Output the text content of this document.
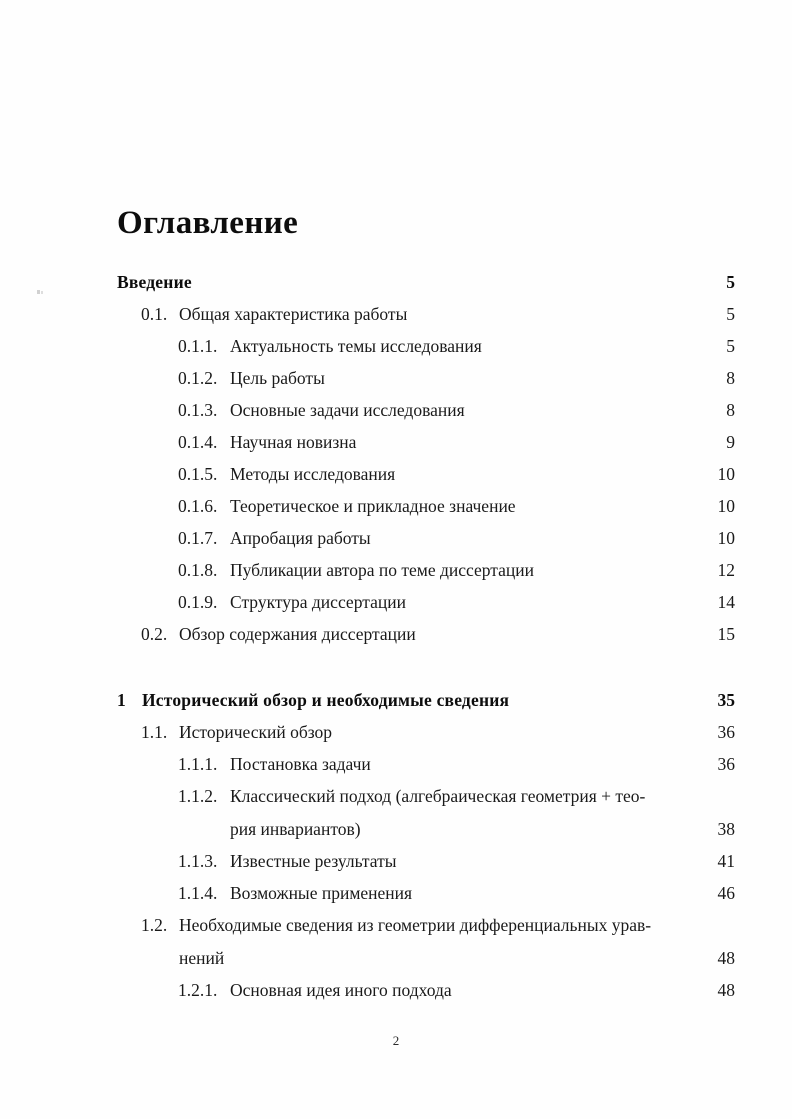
Оглавление
Введение	5
0.1. Общая характеристика работы	5
0.1.1. Актуальность темы исследования	5
0.1.2. Цель работы	8
0.1.3. Основные задачи исследования	8
0.1.4. Научная новизна	9
0.1.5. Методы исследования	10
0.1.6. Теоретическое и прикладное значение	10
0.1.7. Апробация работы	10
0.1.8. Публикации автора по теме диссертации	12
0.1.9. Структура диссертации	14
0.2. Обзор содержания диссертации	15
1 Исторический обзор и необходимые сведения	35
1.1. Исторический обзор	36
1.1.1. Постановка задачи	36
1.1.2. Классический подход (алгебраическая геометрия + тео-
рия инвариантов)	38
1.1.3. Известные результаты	41
1.1.4. Возможные применения	46
1.2. Необходимые сведения из геометрии дифференциальных урав-
нений	48
1.2.1. Основная идея иного подхода	48
2
